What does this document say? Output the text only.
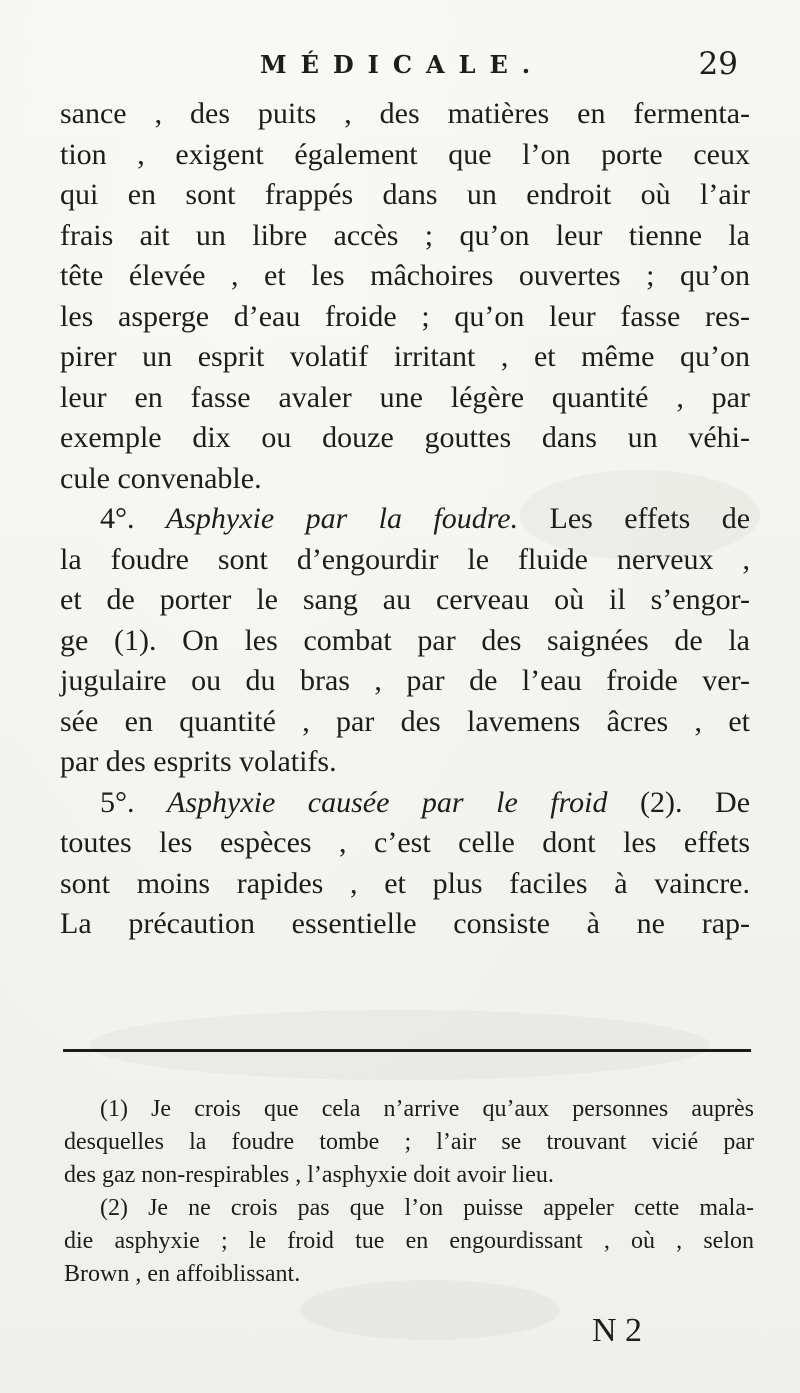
MÉDICALE.	29
sance , des puits , des matières en fermenta-
tion , exigent également que l’on porte ceux
qui en sont frappés dans un endroit où l’air
frais ait un libre accès ; qu’on leur tienne la
tête élevée , et les mâchoires ouvertes ; qu’on
les asperge d’eau froide ; qu’on leur fasse res-
pirer un esprit volatif irritant , et même qu’on
leur en fasse avaler une légère quantité , par
exemple dix ou douze gouttes dans un véhi-
cule convenable.
4°. Asphyxie par la foudre. Les effets de
la foudre sont d’engourdir le fluide nerveux ,
et de porter le sang au cerveau où il s’engor-
ge (1). On les combat par des saignées de la
jugulaire ou du bras , par de l’eau froide ver-
sée en quantité , par des lavemens âcres , et
par des esprits volatifs.
5°. Asphyxie causée par le froid (2). De
toutes les espèces , c’est celle dont les effets
sont moins rapides , et plus faciles à vaincre.
La précaution essentielle consiste à ne rap-
(1) Je crois que cela n’arrive qu’aux personnes auprès
desquelles la foudre tombe ; l’air se trouvant vicié par
des gaz non-respirables , l’asphyxie doit avoir lieu.
(2) Je ne crois pas que l’on puisse appeler cette mala-
die asphyxie ; le froid tue en engourdissant , où , selon
Brown , en affoiblissant.
N 2
